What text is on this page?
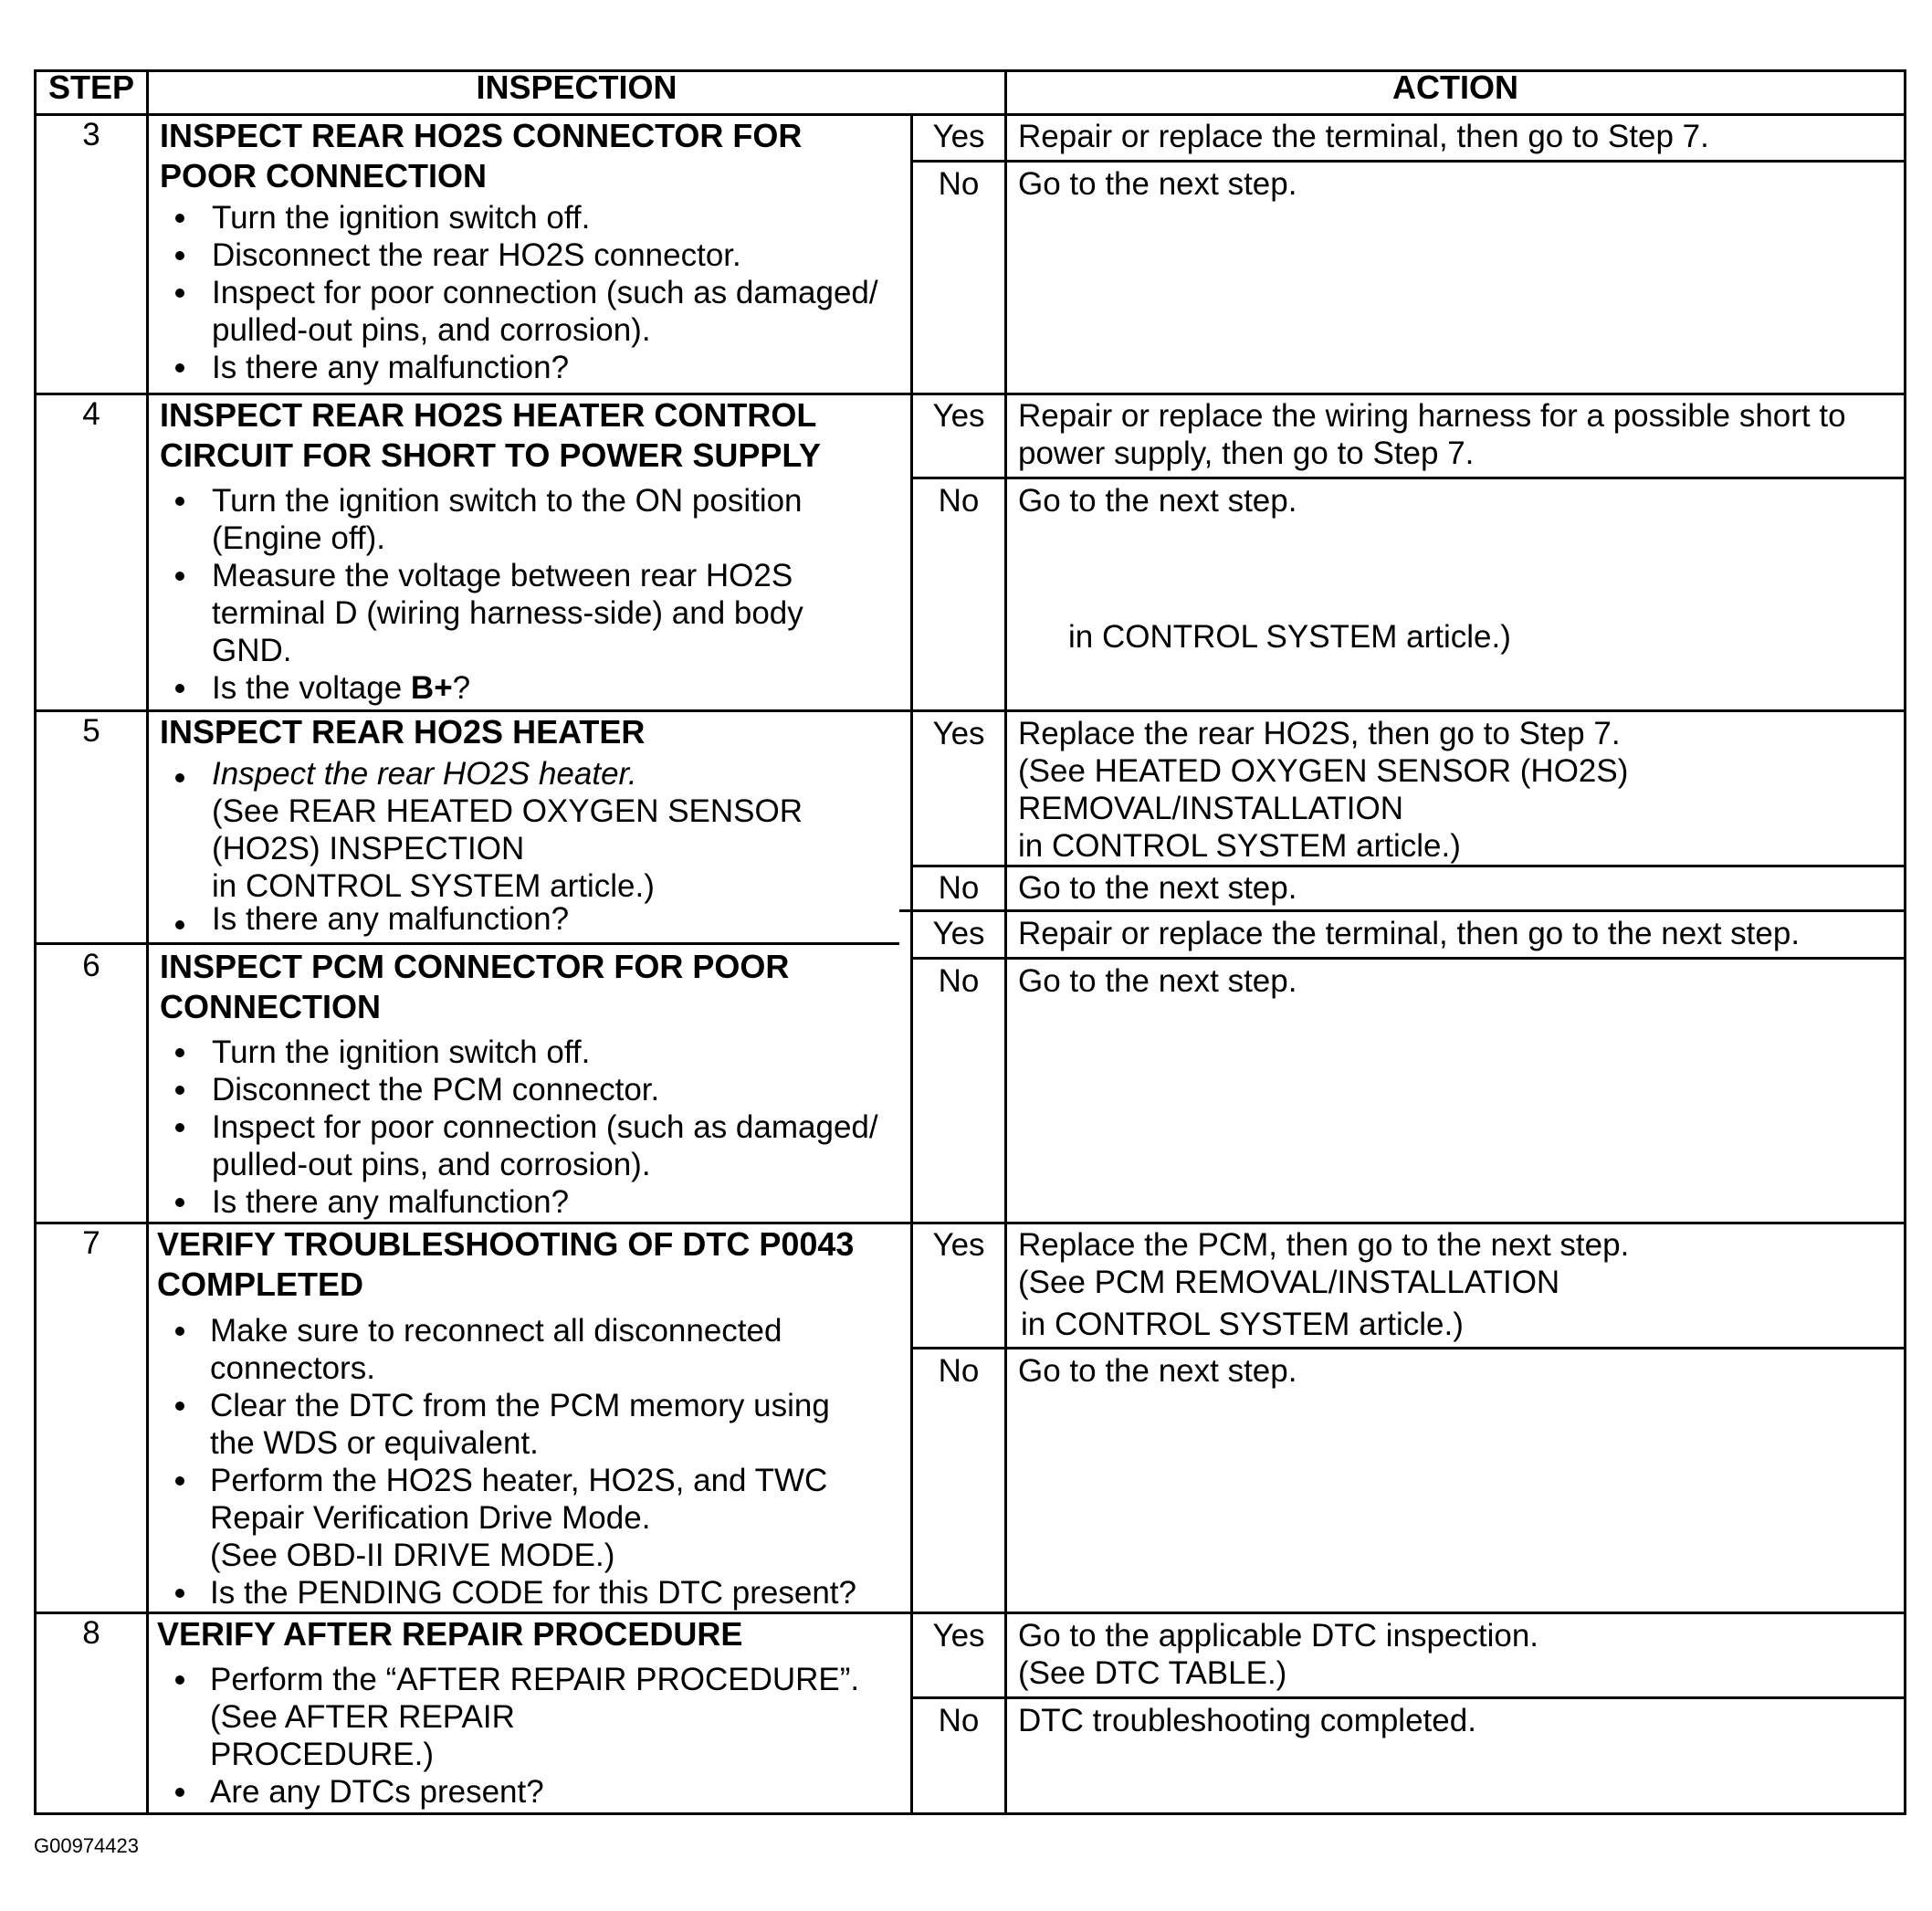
STEP	INSPECTION	ACTION
3	INSPECT REAR HO2S CONNECTOR FOR
POOR CONNECTION
Turn the ignition switch off.
Disconnect the rear HO2S connector.
Inspect for poor connection (such as damaged/
pulled-out pins, and corrosion).
Is there any malfunction?
Yes	Repair or replace the terminal, then go to Step 7.
No	Go to the next step.
4	INSPECT REAR HO2S HEATER CONTROL
CIRCUIT FOR SHORT TO POWER SUPPLY
Turn the ignition switch to the ON position
(Engine off).
Measure the voltage between rear HO2S
terminal D (wiring harness-side) and body
GND.
Is the voltage B+?
Yes	Repair or replace the wiring harness for a possible short to
power supply, then go to Step 7.
No	Go to the next step.
in CONTROL SYSTEM article.)
5	INSPECT REAR HO2S HEATER
Inspect the rear HO2S heater.
(See REAR HEATED OXYGEN SENSOR
(HO2S) INSPECTION
in CONTROL SYSTEM article.)
Is there any malfunction?
Yes	Replace the rear HO2S, then go to Step 7.
(See HEATED OXYGEN SENSOR (HO2S)
REMOVAL/INSTALLATION
in CONTROL SYSTEM article.)
No	Go to the next step.
6	INSPECT PCM CONNECTOR FOR POOR
CONNECTION
Turn the ignition switch off.
Disconnect the PCM connector.
Inspect for poor connection (such as damaged/
pulled-out pins, and corrosion).
Is there any malfunction?
Yes	Repair or replace the terminal, then go to the next step.
No	Go to the next step.
7	VERIFY TROUBLESHOOTING OF DTC P0043
COMPLETED
Make sure to reconnect all disconnected
connectors.
Clear the DTC from the PCM memory using
the WDS or equivalent.
Perform the HO2S heater, HO2S, and TWC
Repair Verification Drive Mode.
(See OBD-II DRIVE MODE.)
Is the PENDING CODE for this DTC present?
Yes	Replace the PCM, then go to the next step.
(See PCM REMOVAL/INSTALLATION
in CONTROL SYSTEM article.)
No	Go to the next step.
8	VERIFY AFTER REPAIR PROCEDURE
Perform the “AFTER REPAIR PROCEDURE”.
(See AFTER REPAIR
PROCEDURE.)
Are any DTCs present?
Yes	Go to the applicable DTC inspection.
(See DTC TABLE.)
No	DTC troubleshooting completed.
G00974423
